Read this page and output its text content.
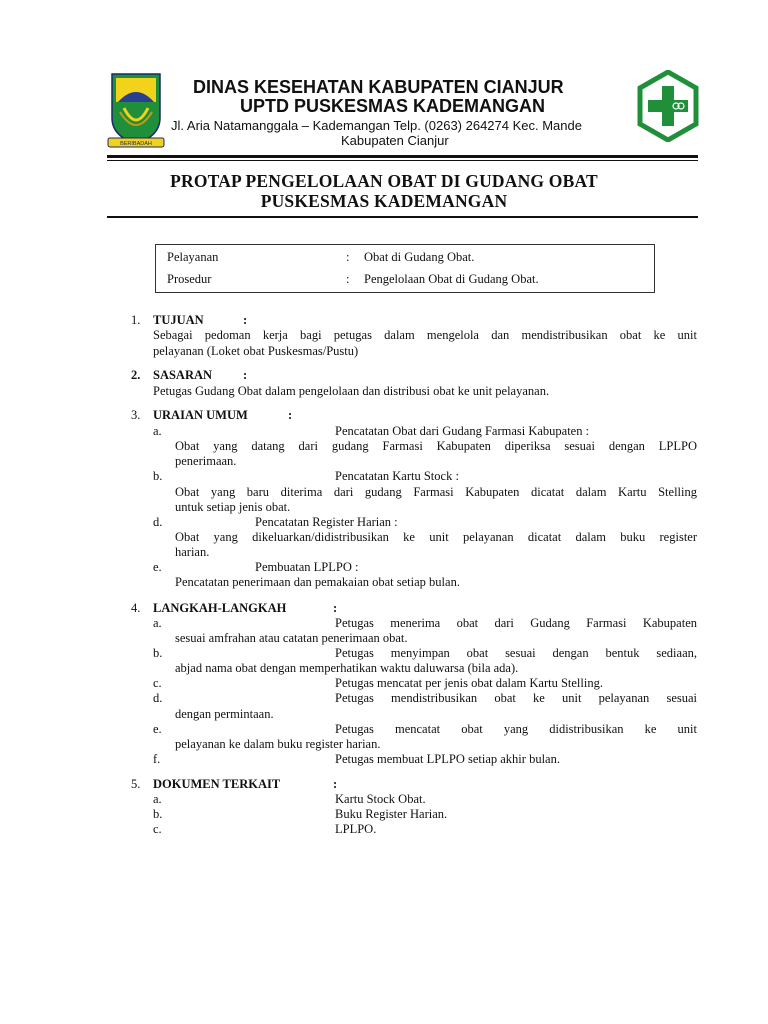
BERIBADAH
DINAS KESEHATAN KABUPATEN CIANJUR
UPTD PUSKESMAS KADEMANGAN
Jl. Aria Natamanggala – Kademangan Telp. (0263) 264274 Kec. Mande
Kabupaten Cianjur
PROTAP PENGELOLAAN OBAT DI GUDANG OBAT
PUSKESMAS KADEMANGAN
Pelayanan	: Obat di Gudang Obat.
Prosedur	: Pengelolaan Obat di Gudang Obat.
1. TUJUAN	:
Sebagai pedoman kerja bagi petugas dalam mengelola dan mendistribusikan obat ke unit
pelayanan (Loket obat Puskesmas/Pustu)
2. SASARAN :
Petugas Gudang Obat dalam pengelolaan dan distribusi obat ke unit pelayanan.
3. URAIAN UMUM	:
a.	Pencatatan Obat dari Gudang Farmasi Kabupaten :
Obat yang datang dari gudang Farmasi Kabupaten diperiksa sesuai dengan LPLPO
penerimaan.
b.	Pencatatan Kartu Stock :
Obat yang baru diterima dari gudang Farmasi Kabupaten dicatat dalam Kartu Stelling
untuk setiap jenis obat.
d.	Pencatatan Register Harian :
Obat yang dikeluarkan/didistribusikan ke unit pelayanan dicatat dalam buku register
harian.
e.	Pembuatan LPLPO :
Pencatatan penerimaan dan pemakaian obat setiap bulan.
4. LANGKAH-LANGKAH	:
a.	Petugas menerima obat dari Gudang Farmasi Kabupaten
sesuai amfrahan atau catatan penerimaan obat.
b.	Petugas menyimpan obat sesuai dengan bentuk sediaan,
abjad nama obat dengan memperhatikan waktu daluwarsa (bila ada).
c.	Petugas mencatat per jenis obat dalam Kartu Stelling.
d.	Petugas mendistribusikan obat ke unit pelayanan sesuai
dengan permintaan.
e.	Petugas mencatat obat yang didistribusikan ke unit
pelayanan ke dalam buku register harian.
f.	Petugas membuat LPLPO setiap akhir bulan.
5. DOKUMEN TERKAIT	:
a.	Kartu Stock Obat.
b.	Buku Register Harian.
c.	LPLPO.
